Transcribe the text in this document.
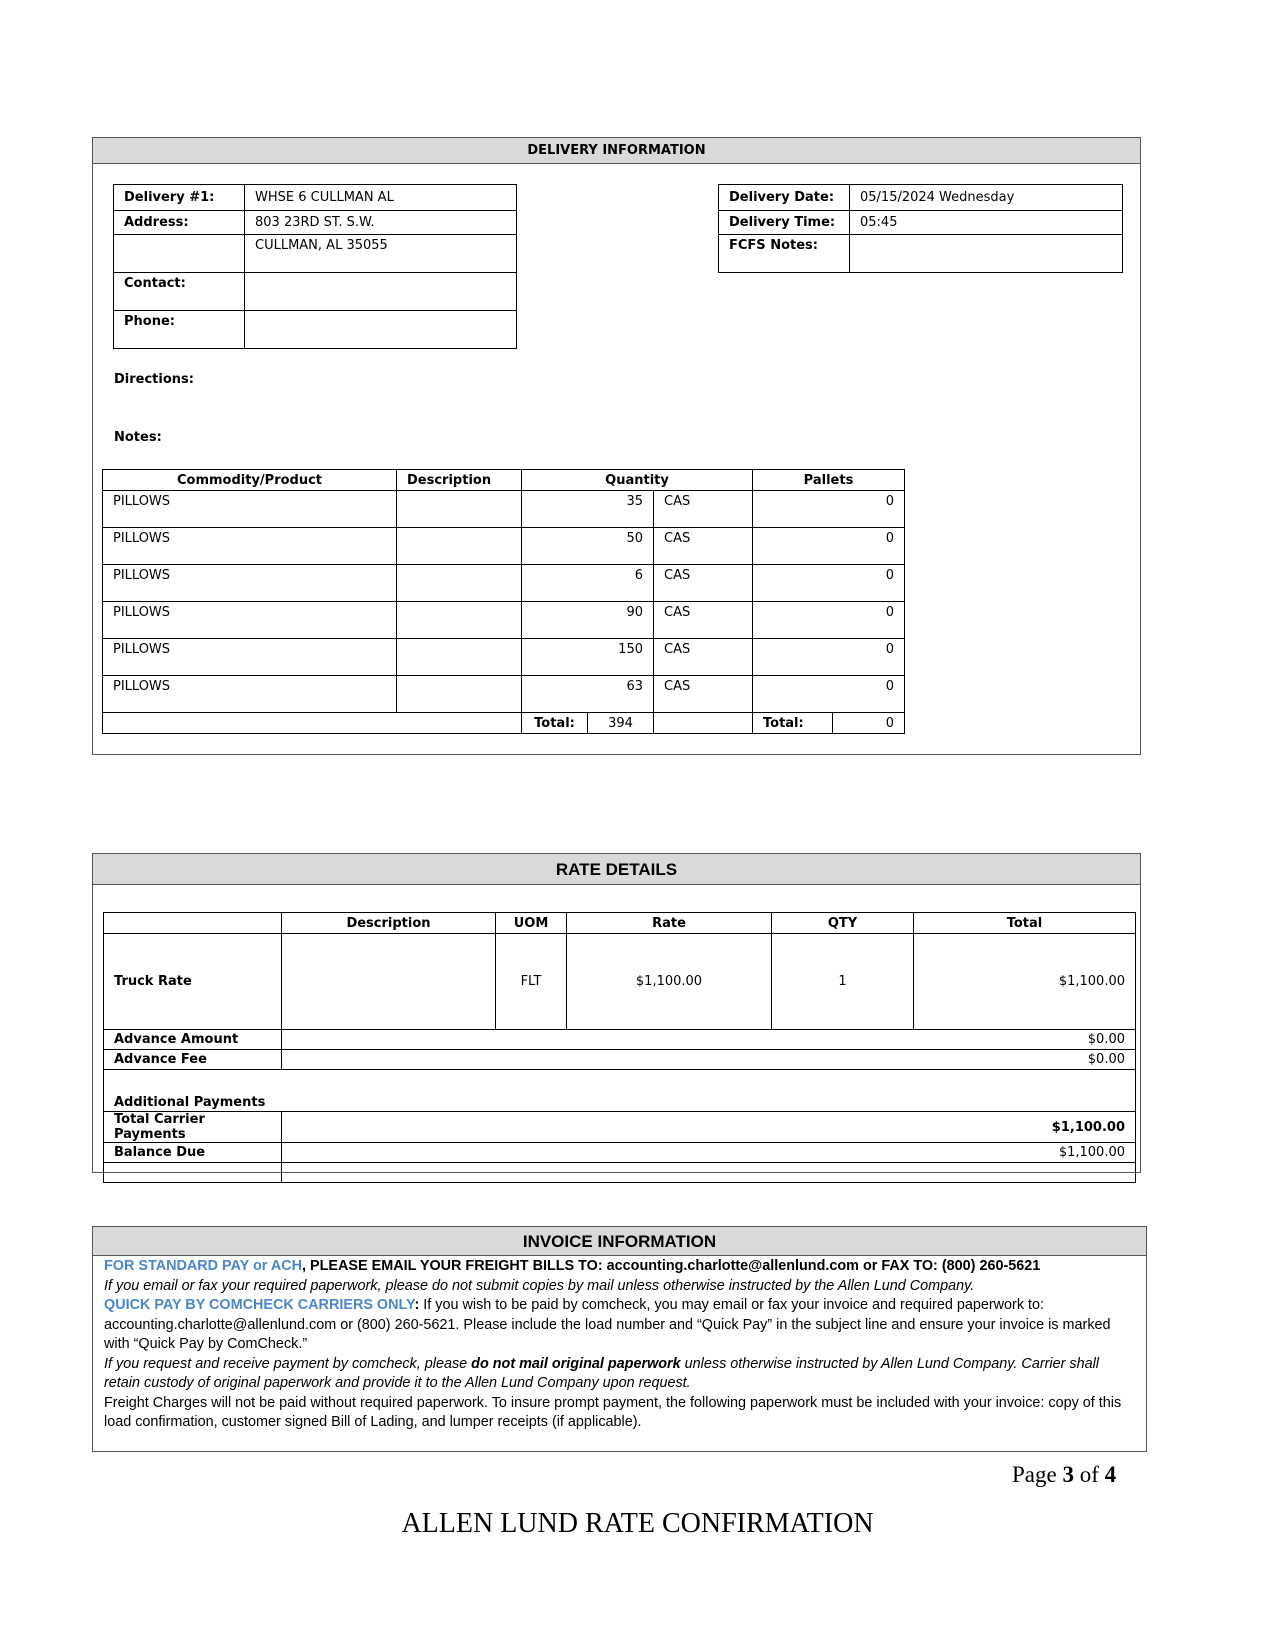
DELIVERY INFORMATION
Delivery #1:	WHSE 6 CULLMAN AL
Address:	803 23RD ST. S.W.
	CULLMAN, AL 35055
Contact:	
Phone:	
Delivery Date:	05/15/2024 Wednesday
Delivery Time:	05:45
FCFS Notes:	
Directions:
Notes:
Commodity/Product	Description	Quantity			Pallets	
PILLOWS		35		CAS	0	
PILLOWS		50		CAS	0	
PILLOWS		6		CAS	0	
PILLOWS		90		CAS	0	
PILLOWS		150		CAS	0	
PILLOWS		63		CAS	0	
		Total:	394		Total:	0
RATE DETAILS
	Description	UOM	Rate	QTY	Total
Truck Rate		FLT	$1,100.00	1	$1,100.00
Advance Amount	$0.00				
Advance Fee	$0.00				
Additional Payments					
Total Carrier Payments	$1,100.00				
Balance Due	$1,100.00				

INVOICE INFORMATION

FOR STANDARD PAY or ACH, PLEASE EMAIL YOUR FREIGHT BILLS TO: accounting.charlotte@allenlund.com or FAX TO: (800) 260-5621

If you email or fax your required paperwork, please do not submit copies by mail unless otherwise instructed by the Allen Lund Company.

QUICK PAY BY COMCHECK CARRIERS ONLY: If you wish to be paid by comcheck, you may email or fax your invoice and required paperwork to: accounting.charlotte@allenlund.com or (800) 260-5621. Please include the load number and “Quick Pay” in the subject line and ensure your invoice is marked with “Quick Pay by ComCheck.”

If you request and receive payment by comcheck, please do not mail original paperwork unless otherwise instructed by Allen Lund Company. Carrier shall retain custody of original paperwork and provide it to the Allen Lund Company upon request.

Freight Charges will not be paid without required paperwork. To insure prompt payment, the following paperwork must be included with your invoice: copy of this load confirmation, customer signed Bill of Lading, and lumper receipts (if applicable).

Page 3 of 4
ALLEN LUND RATE CONFIRMATION
